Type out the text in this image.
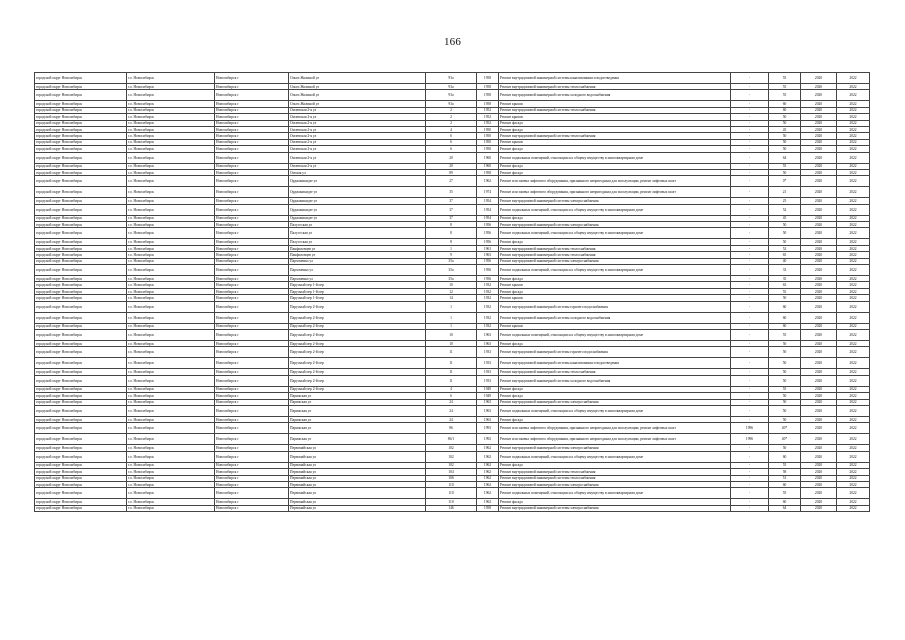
166
городской округ Новосибирск	г.о. Новосибирск	Новосибирск г	Ольги Жилиной ул	93а	1958	Ремонт внутридомовой инженерной системы канализования и водоотведения	-	55	2020	2022
городской округ Новосибирск	г.о. Новосибирск	Новосибирск г	Ольги Жилиной ул	93а	1958	Ремонт внутридомовой инженерной системы теплоснабжения	-	55	2020	2022
городской округ Новосибирск	г.о. Новосибирск	Новосибирск г	Ольги Жилиной ул	93а	1958	Ремонт внутридомовой инженерной системы холодного водоснабжения	-	55	2020	2022
городской округ Новосибирск	г.о. Новосибирск	Новосибирск г	Ольги Жилиной ул	93а	1958	Ремонт крыши	-	60	2020	2022
городской округ Новосибирск	г.о. Новосибирск	Новосибирск г	Омлевская 2-я ул	2	1952	Ремонт внутридомовой инженерной системы теплоснабжения	-	60	2020	2022
городской округ Новосибирск	г.о. Новосибирск	Новосибирск г	Омлевская 2-я ул	2	1952	Ремонт крыши	-	50	2020	2022
городской округ Новосибирск	г.о. Новосибирск	Новосибирск г	Омлевская 2-я ул	2	1952	Ремонт фасада	-	50	2020	2022
городской округ Новосибирск	г.о. Новосибирск	Новосибирск г	Омлевская 2-я ул	4	1950	Ремонт фасада	-	45	2020	2022
городской округ Новосибирск	г.о. Новосибирск	Новосибирск г	Омлевская 2-я ул	6	1950	Ремонт внутридомовой инженерной системы теплоснабжения	-	50	2020	2022
городской округ Новосибирск	г.о. Новосибирск	Новосибирск г	Омлевская 2-я ул	6	1950	Ремонт крыши	-	50	2020	2022
городской округ Новосибирск	г.о. Новосибирск	Новосибирск г	Омлевская 2-я ул	6	1950	Ремонт фасада	-	50	2020	2022
городской округ Новосибирск	г.о. Новосибирск	Новосибирск г	Омлевская 2-я ул	20	1960	Ремонт подвальных помещений, относящихся к общему имуществу в многоквартирном доме	-	64	2020	2022
городской округ Новосибирск	г.о. Новосибирск	Новосибирск г	Омлевская 2-я ул	20	1960	Ремонт фасада	-	55	2020	2022
городской округ Новосибирск	г.о. Новосибирск	Новосибирск г	Омская ул	89	1958	Ремонт фасада	-	50	2020	2022
городской округ Новосибирск	г.о. Новосибирск	Новосибирск г	Орджоникидзе ул	27	1962	Ремонт или замена лифтового оборудования, признанного непригодным для эксплуатации, ремонт лифтовых шахт	-	0*	2020	2022
городской округ Новосибирск	г.о. Новосибирск	Новосибирск г	Орджоникидзе ул	35	1974	Ремонт или замена лифтового оборудования, признанного непригодным для эксплуатации, ремонт лифтовых шахт	-	21	2020	2022
городской округ Новосибирск	г.о. Новосибирск	Новосибирск г	Орджоникидзе ул	37	1954	Ремонт внутридомовой инженерной системы электроснабжения	-	25	2020	2022
городской округ Новосибирск	г.о. Новосибирск	Новосибирск г	Орджоникидзе ул	37	1954	Ремонт подвальных помещений, относящихся к общему имуществу в многоквартирном доме	-	52	2020	2022
городской округ Новосибирск	г.о. Новосибирск	Новосибирск г	Орджоникидзе ул	37	1954	Ремонт фасада	-	45	2020	2022
городской округ Новосибирск	г.о. Новосибирск	Новосибирск г	Палуосская ул	8	1956	Ремонт внутридомовой инженерной системы электроснабжения	-	50	2020	2022
городской округ Новосибирск	г.о. Новосибирск	Новосибирск г	Палуосская ул	8	1956	Ремонт подвальных помещений, относящихся к общему имуществу в многоквартирном доме	-	50	2020	2022
городской округ Новосибирск	г.о. Новосибирск	Новосибирск г	Палуосская ул	8	1956	Ремонт фасада	-	50	2020	2022
городской округ Новосибирск	г.о. Новосибирск	Новосибирск г	Панфиловцев ул	1	1961	Ремонт внутридомовой инженерной системы теплоснабжения	-	52	2020	2022
городской округ Новосибирск	г.о. Новосибирск	Новосибирск г	Панфиловцев ул	9	1963	Ремонт внутридомовой инженерной системы теплоснабжения	-	65	2020	2022
городской округ Новосибирск	г.о. Новосибирск	Новосибирск г	Пархоменко ул	35а	1956	Ремонт внутридомовой инженерной системы электроснабжения	-	40	2020	2022
городской округ Новосибирск	г.о. Новосибирск	Новосибирск г	Пархоменко ул	35а	1956	Ремонт подвальных помещений, относящихся к общему имуществу в многоквартирном доме	-	33	2020	2022
городской округ Новосибирск	г.о. Новосибирск	Новосибирск г	Пархоменко ул	35а	1956	Ремонт фасада	-	35	2020	2022
городской округ Новосибирск	г.о. Новосибирск	Новосибирск г	Парусный пер 1-й пер	10	1932	Ремонт крыши	-	63	2020	2022
городской округ Новосибирск	г.о. Новосибирск	Новосибирск г	Парусный пер 1-й пер	12	1932	Ремонт фасада	-	55	2020	2022
городской округ Новосибирск	г.о. Новосибирск	Новосибирск г	Парусный пер 1-й пер	14	1932	Ремонт крыши	-	50	2020	2022
городской округ Новосибирск	г.о. Новосибирск	Новосибирск г	Парусный пер 2-й пер	1	1932	Ремонт внутридомовой инженерной системы горячего водоснабжения	-	60	2020	2022
городской округ Новосибирск	г.о. Новосибирск	Новосибирск г	Парусный пер 2-й пер	1	1932	Ремонт внутридомовой инженерной системы холодного водоснабжения	-	60	2020	2022
городской округ Новосибирск	г.о. Новосибирск	Новосибирск г	Парусный пер 2-й пер	1	1932	Ремонт крыши	-	60	2020	2022
городской округ Новосибирск	г.о. Новосибирск	Новосибирск г	Парусный пер 2-й пер	10	1963	Ремонт подвальных помещений, относящихся к общему имуществу в многоквартирном доме	-	55	2020	2022
городской округ Новосибирск	г.о. Новосибирск	Новосибирск г	Парусный пер 2-й пер	10	1963	Ремонт фасада	-	50	2020	2022
городской округ Новосибирск	г.о. Новосибирск	Новосибирск г	Парусный пер 2-й пер	11	1933	Ремонт внутридомовой инженерной системы горячего водоснабжения	-	50	2020	2022
городской округ Новосибирск	г.о. Новосибирск	Новосибирск г	Парусный пер 2-й пер	11	1933	Ремонт внутридомовой инженерной системы канализования и водоотведения	-	50	2020	2022
городской округ Новосибирск	г.о. Новосибирск	Новосибирск г	Парусный пер 2-й пер	11	1933	Ремонт внутридомовой инженерной системы теплоснабжения	-	50	2020	2022
городской округ Новосибирск	г.о. Новосибирск	Новосибирск г	Парусный пер 2-й пер	11	1933	Ремонт внутридомовой инженерной системы холодного водоснабжения	-	50	2020	2022
городской округ Новосибирск	г.о. Новосибирск	Новосибирск г	Парусный пер 2-й пер	4	1949	Ремонт фасада	-	55	2020	2022
городской округ Новосибирск	г.о. Новосибирск	Новосибирск г	Парижская ул	6	1949	Ремонт фасада	-	50	2020	2022
городской округ Новосибирск	г.о. Новосибирск	Новосибирск г	Парижская ул	24	1963	Ремонт внутридомовой инженерной системы электроснабжения	-	50	2020	2022
городской округ Новосибирск	г.о. Новосибирск	Новосибирск г	Парижская ул	24	1963	Ремонт подвальных помещений, относящихся к общему имуществу в многоквартирном доме	-	50	2020	2022
городской округ Новосибирск	г.о. Новосибирск	Новосибирск г	Парижская ул	24	1963	Ремонт фасада	-	50	2020	2022
городской округ Новосибирск	г.о. Новосибирск	Новосибирск г	Парижская ул	86	1993	Ремонт или замена лифтового оборудования, признанного непригодным для эксплуатации, ремонт лифтовых шахт	1996	40*	2020	2022
городской округ Новосибирск	г.о. Новосибирск	Новосибирск г	Парижская ул	86/1	1992	Ремонт или замена лифтового оборудования, признанного непригодным для эксплуатации, ремонт лифтовых шахт	1996	40*	2020	2022
городской округ Новосибирск	г.о. Новосибирск	Новосибирск г	Первомайская ул	102	1962	Ремонт внутридомовой инженерной системы электроснабжения	-	50	2020	2022
городской округ Новосибирск	г.о. Новосибирск	Новосибирск г	Первомайская ул	102	1962	Ремонт подвальных помещений, относящихся к общему имуществу в многоквартирном доме	-	60	2020	2022
городской округ Новосибирск	г.о. Новосибирск	Новосибирск г	Первомайская ул	102	1962	Ремонт фасада	-	55	2020	2022
городской округ Новосибирск	г.о. Новосибирск	Новосибирск г	Первомайская ул	104	1962	Ремонт внутридомовой инженерной системы теплоснабжения	-	58	2020	2022
городской округ Новосибирск	г.о. Новосибирск	Новосибирск г	Первомайская ул	106	1962	Ремонт внутридомовой инженерной системы теплоснабжения	-	51	2020	2022
городской округ Новосибирск	г.о. Новосибирск	Новосибирск г	Первомайская ул	110	1962	Ремонт внутридомовой инженерной системы электроснабжения	-	60	2020	2022
городской округ Новосибирск	г.о. Новосибирск	Новосибирск г	Первомайская ул	110	1962	Ремонт подвальных помещений, относящихся к общему имуществу в многоквартирном доме	-	55	2020	2022
городской округ Новосибирск	г.о. Новосибирск	Новосибирск г	Первомайская ул	110	1962	Ремонт фасада	-	60	2020	2022
городской округ Новосибирск	г.о. Новосибирск	Новосибирск г	Первомайская ул	146	1958	Ремонт внутридомовой инженерной системы электроснабжения	-	64	2020	2022
